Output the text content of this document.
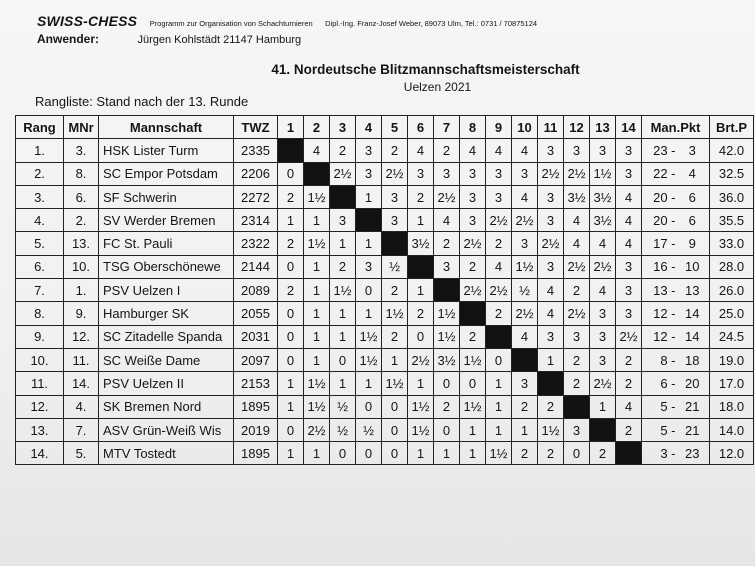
SWISS-CHESS Programm zur Organisation von Schachturnieren Dipl.-Ing. Franz-Josef Weber, 89073 Ulm, Tel.: 0731 / 70875124
Anwender:	Jürgen Kohlstädt 21147 Hamburg
41. Nordeutsche Blitzmannschaftsmeisterschaft
Uelzen 2021
Rangliste: Stand nach der 13. Runde
Rang	MNr	Mannschaft	TWZ	1	2	3	4	5	6	7	8	9	10	11	12	13	14	Man.Pkt		Brt.P
1.	3.	HSK Lister Turm	2335		4	2	3	2	4	2	4	4	4	3	3	3	3	23 -	3	42.0
2.	8.	SC Empor Potsdam	2206	0		2½	3	2½	3	3	3	3	3	2½	2½	1½	3	22 -	4	32.5
3.	6.	SF Schwerin	2272	2	1½		1	3	2	2½	3	3	4	3	3½	3½	4	20 -	6	36.0
4.	2.	SV Werder Bremen	2314	1	1	3		3	1	4	3	2½	2½	3	4	3½	4	20 -	6	35.5
5.	13.	FC St. Pauli	2322	2	1½	1	1		3½	2	2½	2	3	2½	4	4	4	17 -	9	33.0
6.	10.	TSG Oberschönewe	2144	0	1	2	3	½		3	2	4	1½	3	2½	2½	3	16 -	10	28.0
7.	1.	PSV Uelzen I	2089	2	1	1½	0	2	1		2½	2½	½	4	2	4	3	13 -	13	26.0
8.	9.	Hamburger SK	2055	0	1	1	1	1½	2	1½		2	2½	4	2½	3	3	12 -	14	25.0
9.	12.	SC Zitadelle Spanda	2031	0	1	1	1½	2	0	1½	2		4	3	3	3	2½	12 -	14	24.5
10.	11.	SC Weiße Dame	2097	0	1	0	1½	1	2½	3½	1½	0		1	2	3	2	8 -	18	19.0
11.	14.	PSV Uelzen II	2153	1	1½	1	1	1½	1	0	0	1	3		2	2½	2	6 -	20	17.0
12.	4.	SK Bremen Nord	1895	1	1½	½	0	0	1½	2	1½	1	2	2		1	4	5 -	21	18.0
13.	7.	ASV Grün-Weiß Wis	2019	0	2½	½	½	0	1½	0	1	1	1	1½	3		2	5 -	21	14.0
14.	5.	MTV Tostedt	1895	1	1	0	0	0	1	1	1	1½	2	2	0	2		3 -	23	12.0
